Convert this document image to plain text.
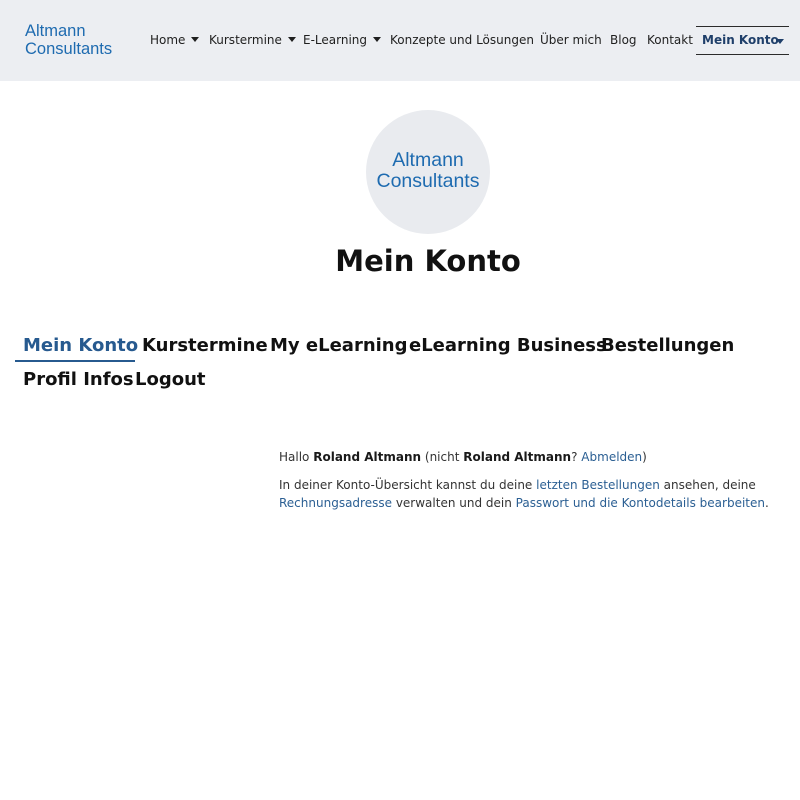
Altmann
Consultants	Home	Kurstermine	E-Learning	Konzepte und Lösungen Über mich Blog Kontakt Mein Konto
Altmann
Consultants
Mein Konto
Mein Konto Kurstermine My eLearning eLearning Business
Bestellungen
Profil Infos Logout

Hallo Roland Altmann (nicht Roland Altmann? Abmelden)

In deiner Konto-Übersicht kannst du deine letzten Bestellungen ansehen, deine Rechnungsadresse verwalten und dein Passwort und die Kontodetails bearbeiten.
